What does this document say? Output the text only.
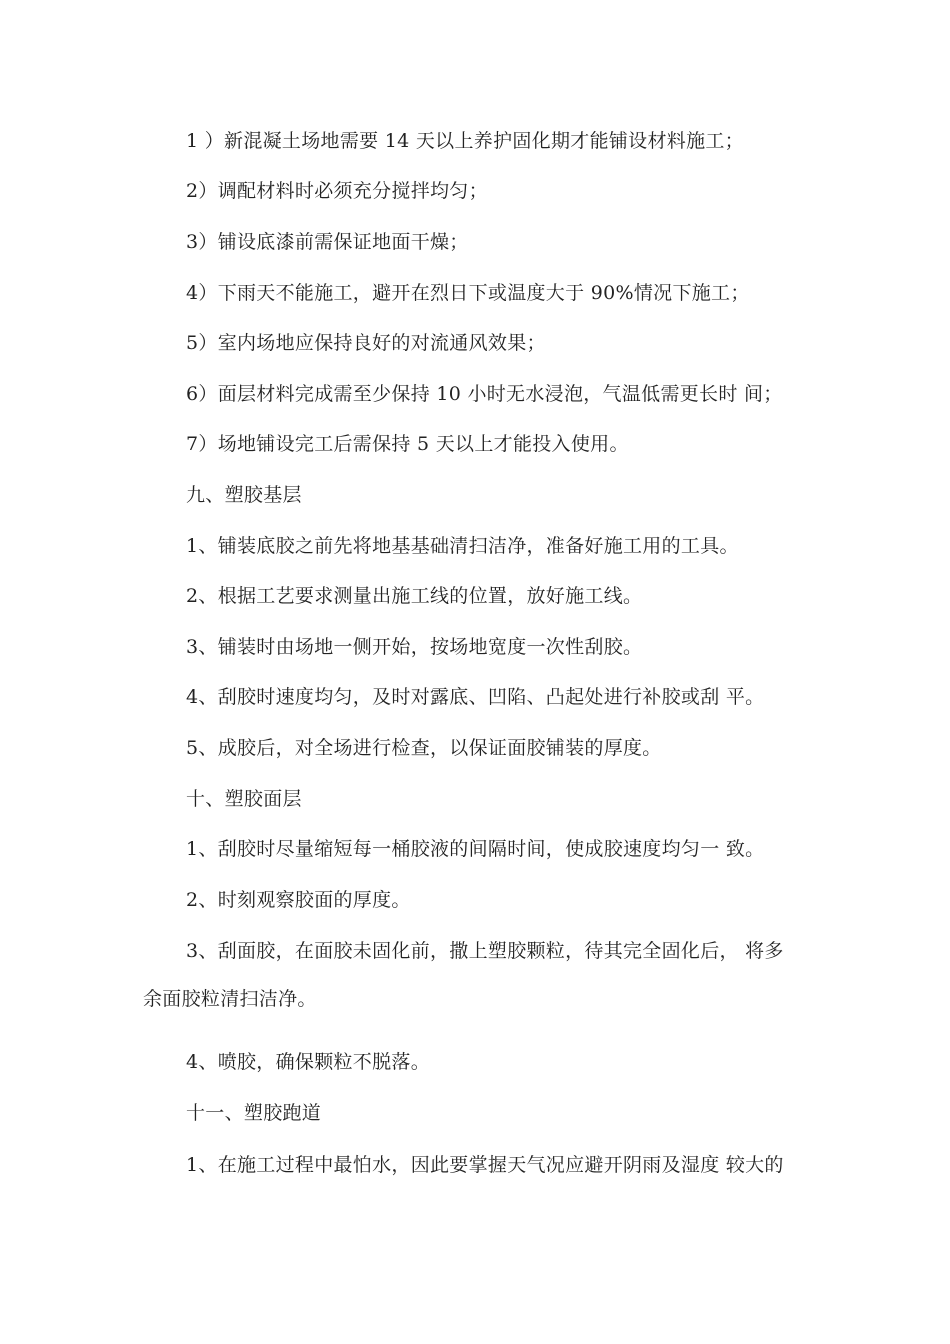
1 ）新混凝土场地需要 14 天以上养护固化期才能铺设材料施工；
2）调配材料时必须充分搅拌均匀；
3）铺设底漆前需保证地面干燥；
4）下雨天不能施工，避开在烈日下或温度大于 90%情况下施工；
5）室内场地应保持良好的对流通风效果；
6）面层材料完成需至少保持 10 小时无水浸泡，气温低需更长时 间；
7）场地铺设完工后需保持 5 天以上才能投入使用。
九、塑胶基层
1、铺装底胶之前先将地基基础清扫洁净，准备好施工用的工具。
2、根据工艺要求测量出施工线的位置，放好施工线。
3、铺装时由场地一侧开始，按场地宽度一次性刮胶。
4、刮胶时速度均匀，及时对露底、凹陷、凸起处进行补胶或刮 平。
5、成胶后，对全场进行检查，以保证面胶铺装的厚度。
十、塑胶面层
1、刮胶时尽量缩短每一桶胶液的间隔时间，使成胶速度均匀一 致。
2、时刻观察胶面的厚度。
3、刮面胶，在面胶未固化前，撒上塑胶颗粒，待其完全固化后， 将多
余面胶粒清扫洁净。
4、喷胶，确保颗粒不脱落。
十一、塑胶跑道
1、在施工过程中最怕水，因此要掌握天气况应避开阴雨及湿度 较大的
